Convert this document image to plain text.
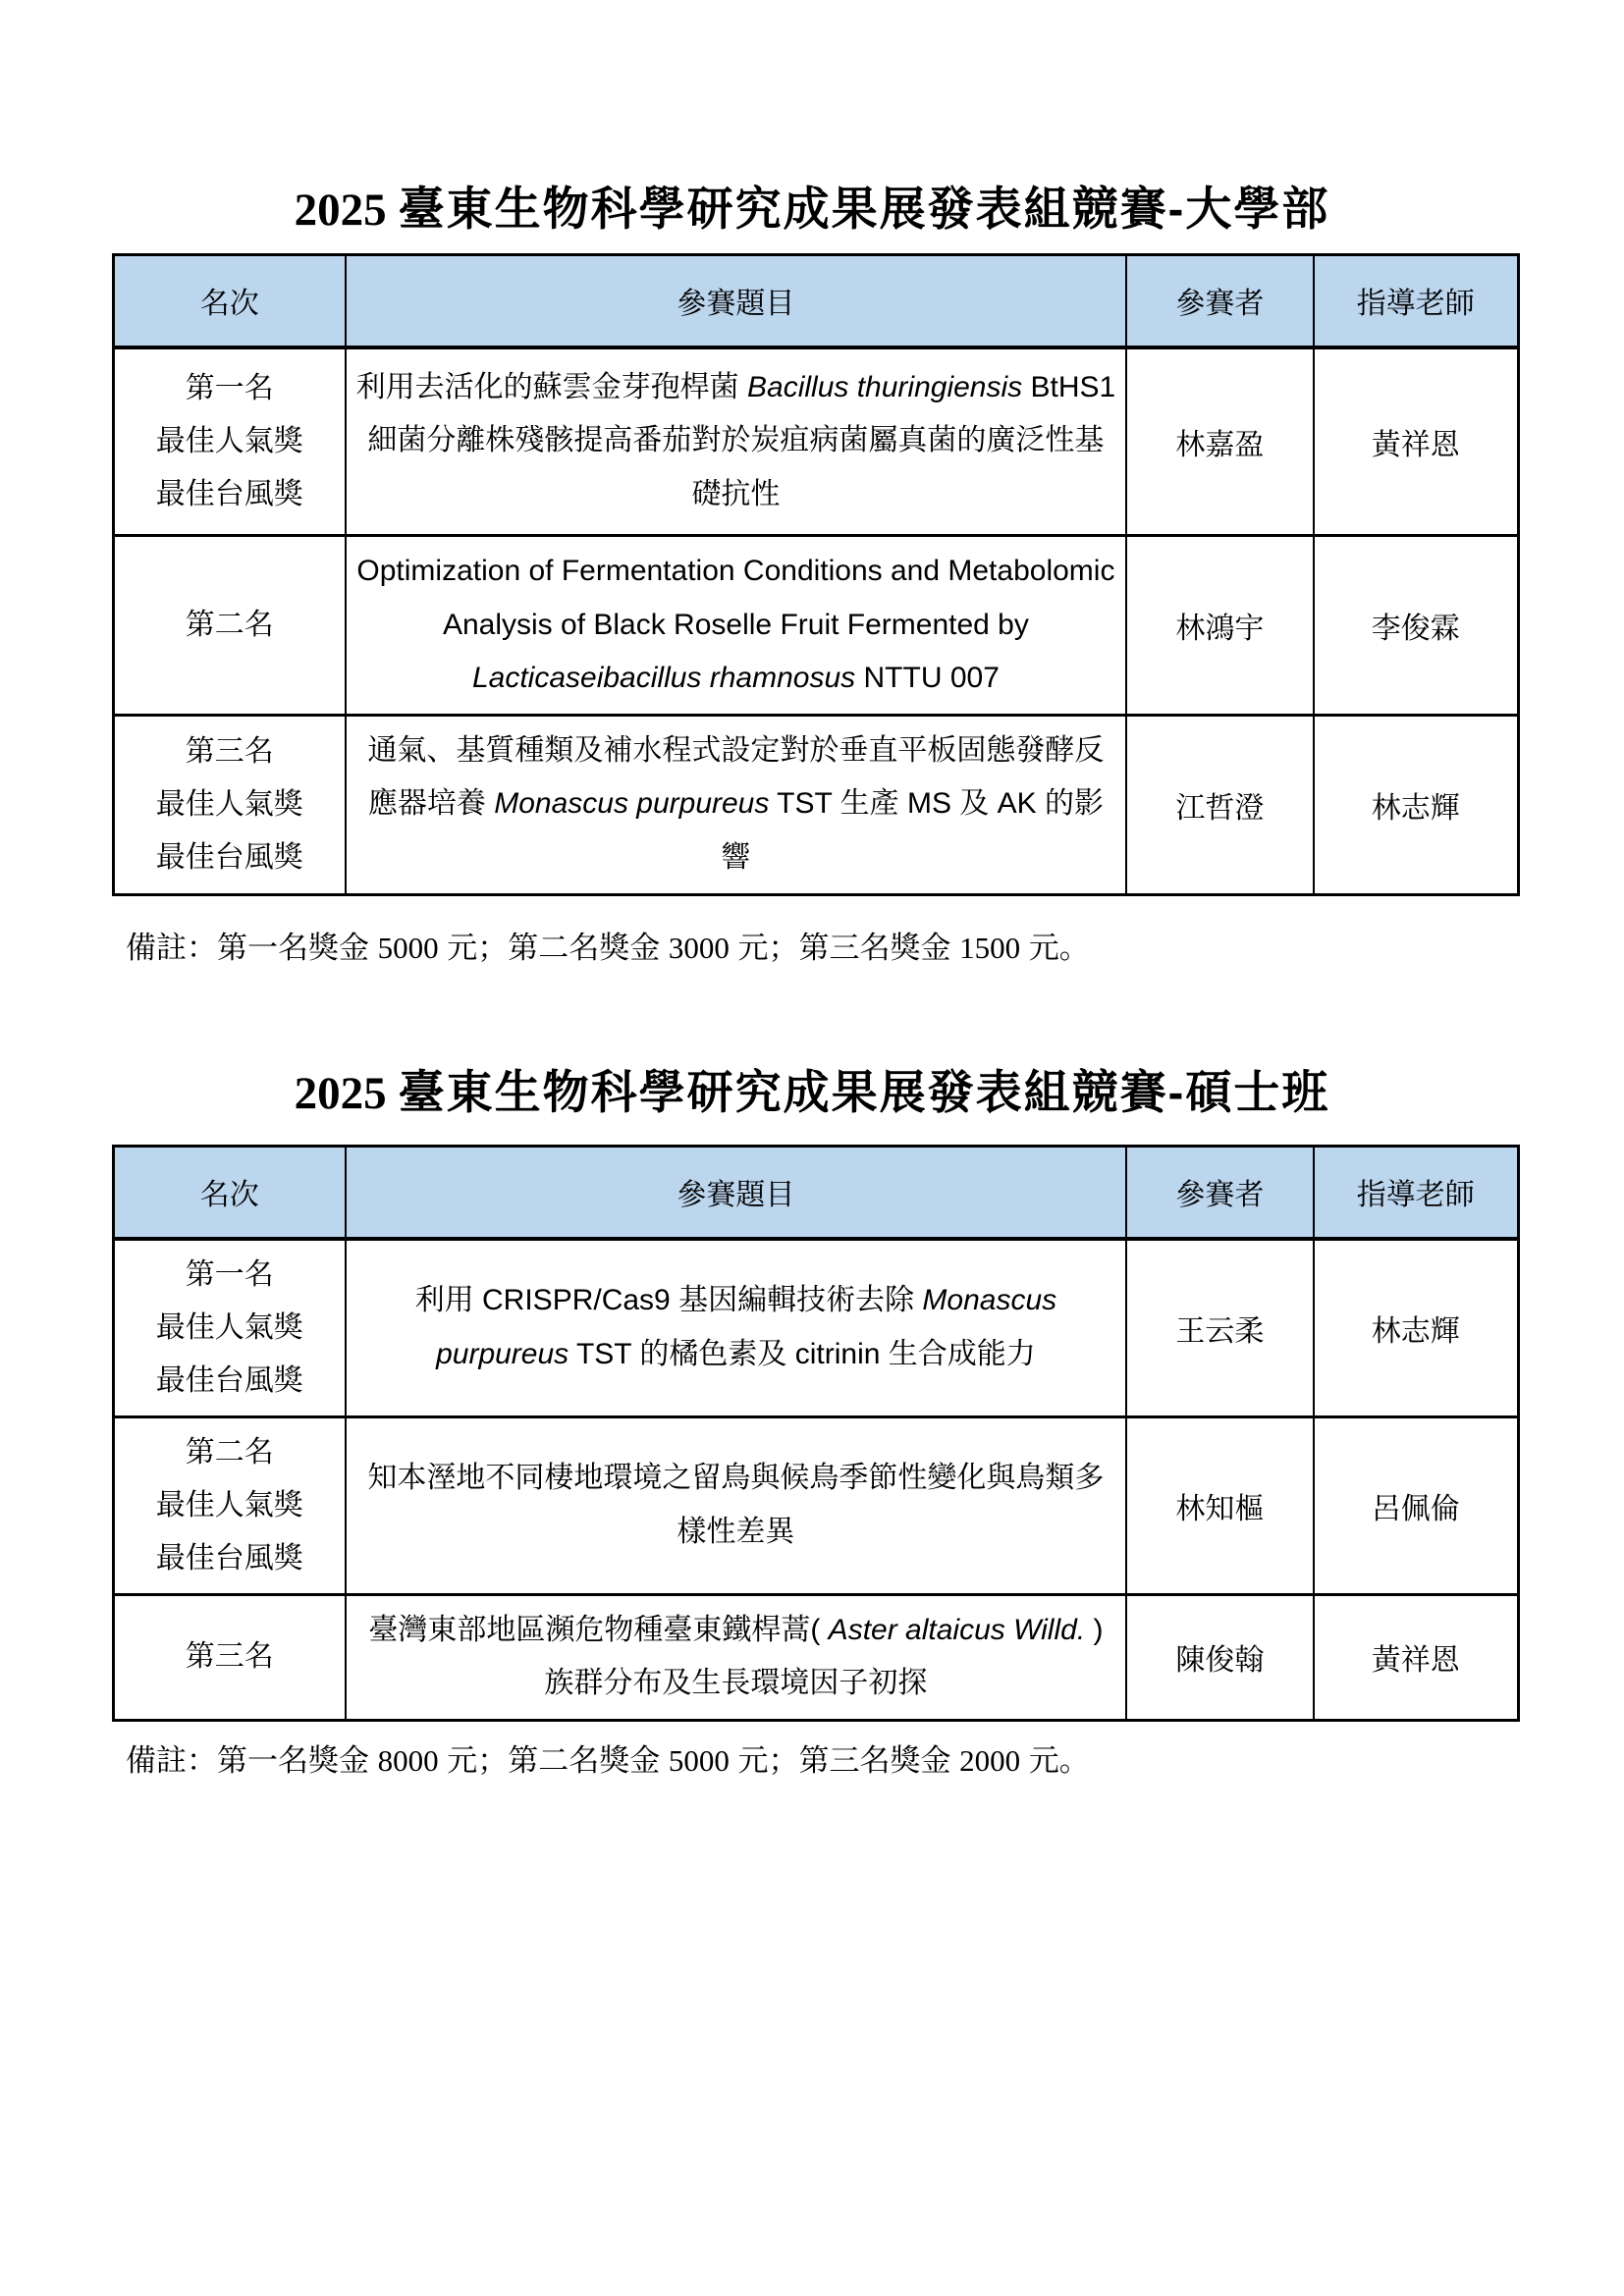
2025 臺東生物科學研究成果展發表組競賽-大學部
名次	參賽題目	參賽者	指導老師

第一名
最佳人氣獎
最佳台風獎	利用去活化的蘇雲金芽孢桿菌 Bacillus thuringiensis BtHS1 細菌分離株殘骸提高番茄對於炭疽病菌屬真菌的廣泛性基礎抗性	林嘉盈	黃祥恩

第二名	Optimization of Fermentation Conditions and Metabolomic Analysis of Black Roselle Fruit Fermented by Lacticaseibacillus rhamnosus NTTU 007	林鴻宇	李俊霖

第三名
最佳人氣獎
最佳台風獎	通氣、基質種類及補水程式設定對於垂直平板固態發酵反應器培養 Monascus purpureus TST 生產 MS 及 AK 的影響	江哲澄	林志輝

備註：第一名獎金 5000 元；第二名獎金 3000 元；第三名獎金 1500 元。

2025 臺東生物科學研究成果展發表組競賽-碩士班
名次	參賽題目	參賽者	指導老師

第一名
最佳人氣獎
最佳台風獎	利用 CRISPR/Cas9 基因編輯技術去除 Monascus purpureus TST 的橘色素及 citrinin 生合成能力	王云柔	林志輝

第二名
最佳人氣獎
最佳台風獎	知本溼地不同棲地環境之留鳥與候鳥季節性變化與鳥類多樣性差異	林知樞	呂佩倫

第三名	臺灣東部地區瀕危物種臺東鐵桿蒿( Aster altaicus Willd. )族群分布及生長環境因子初探	陳俊翰	黃祥恩

備註：第一名獎金 8000 元；第二名獎金 5000 元；第三名獎金 2000 元。
